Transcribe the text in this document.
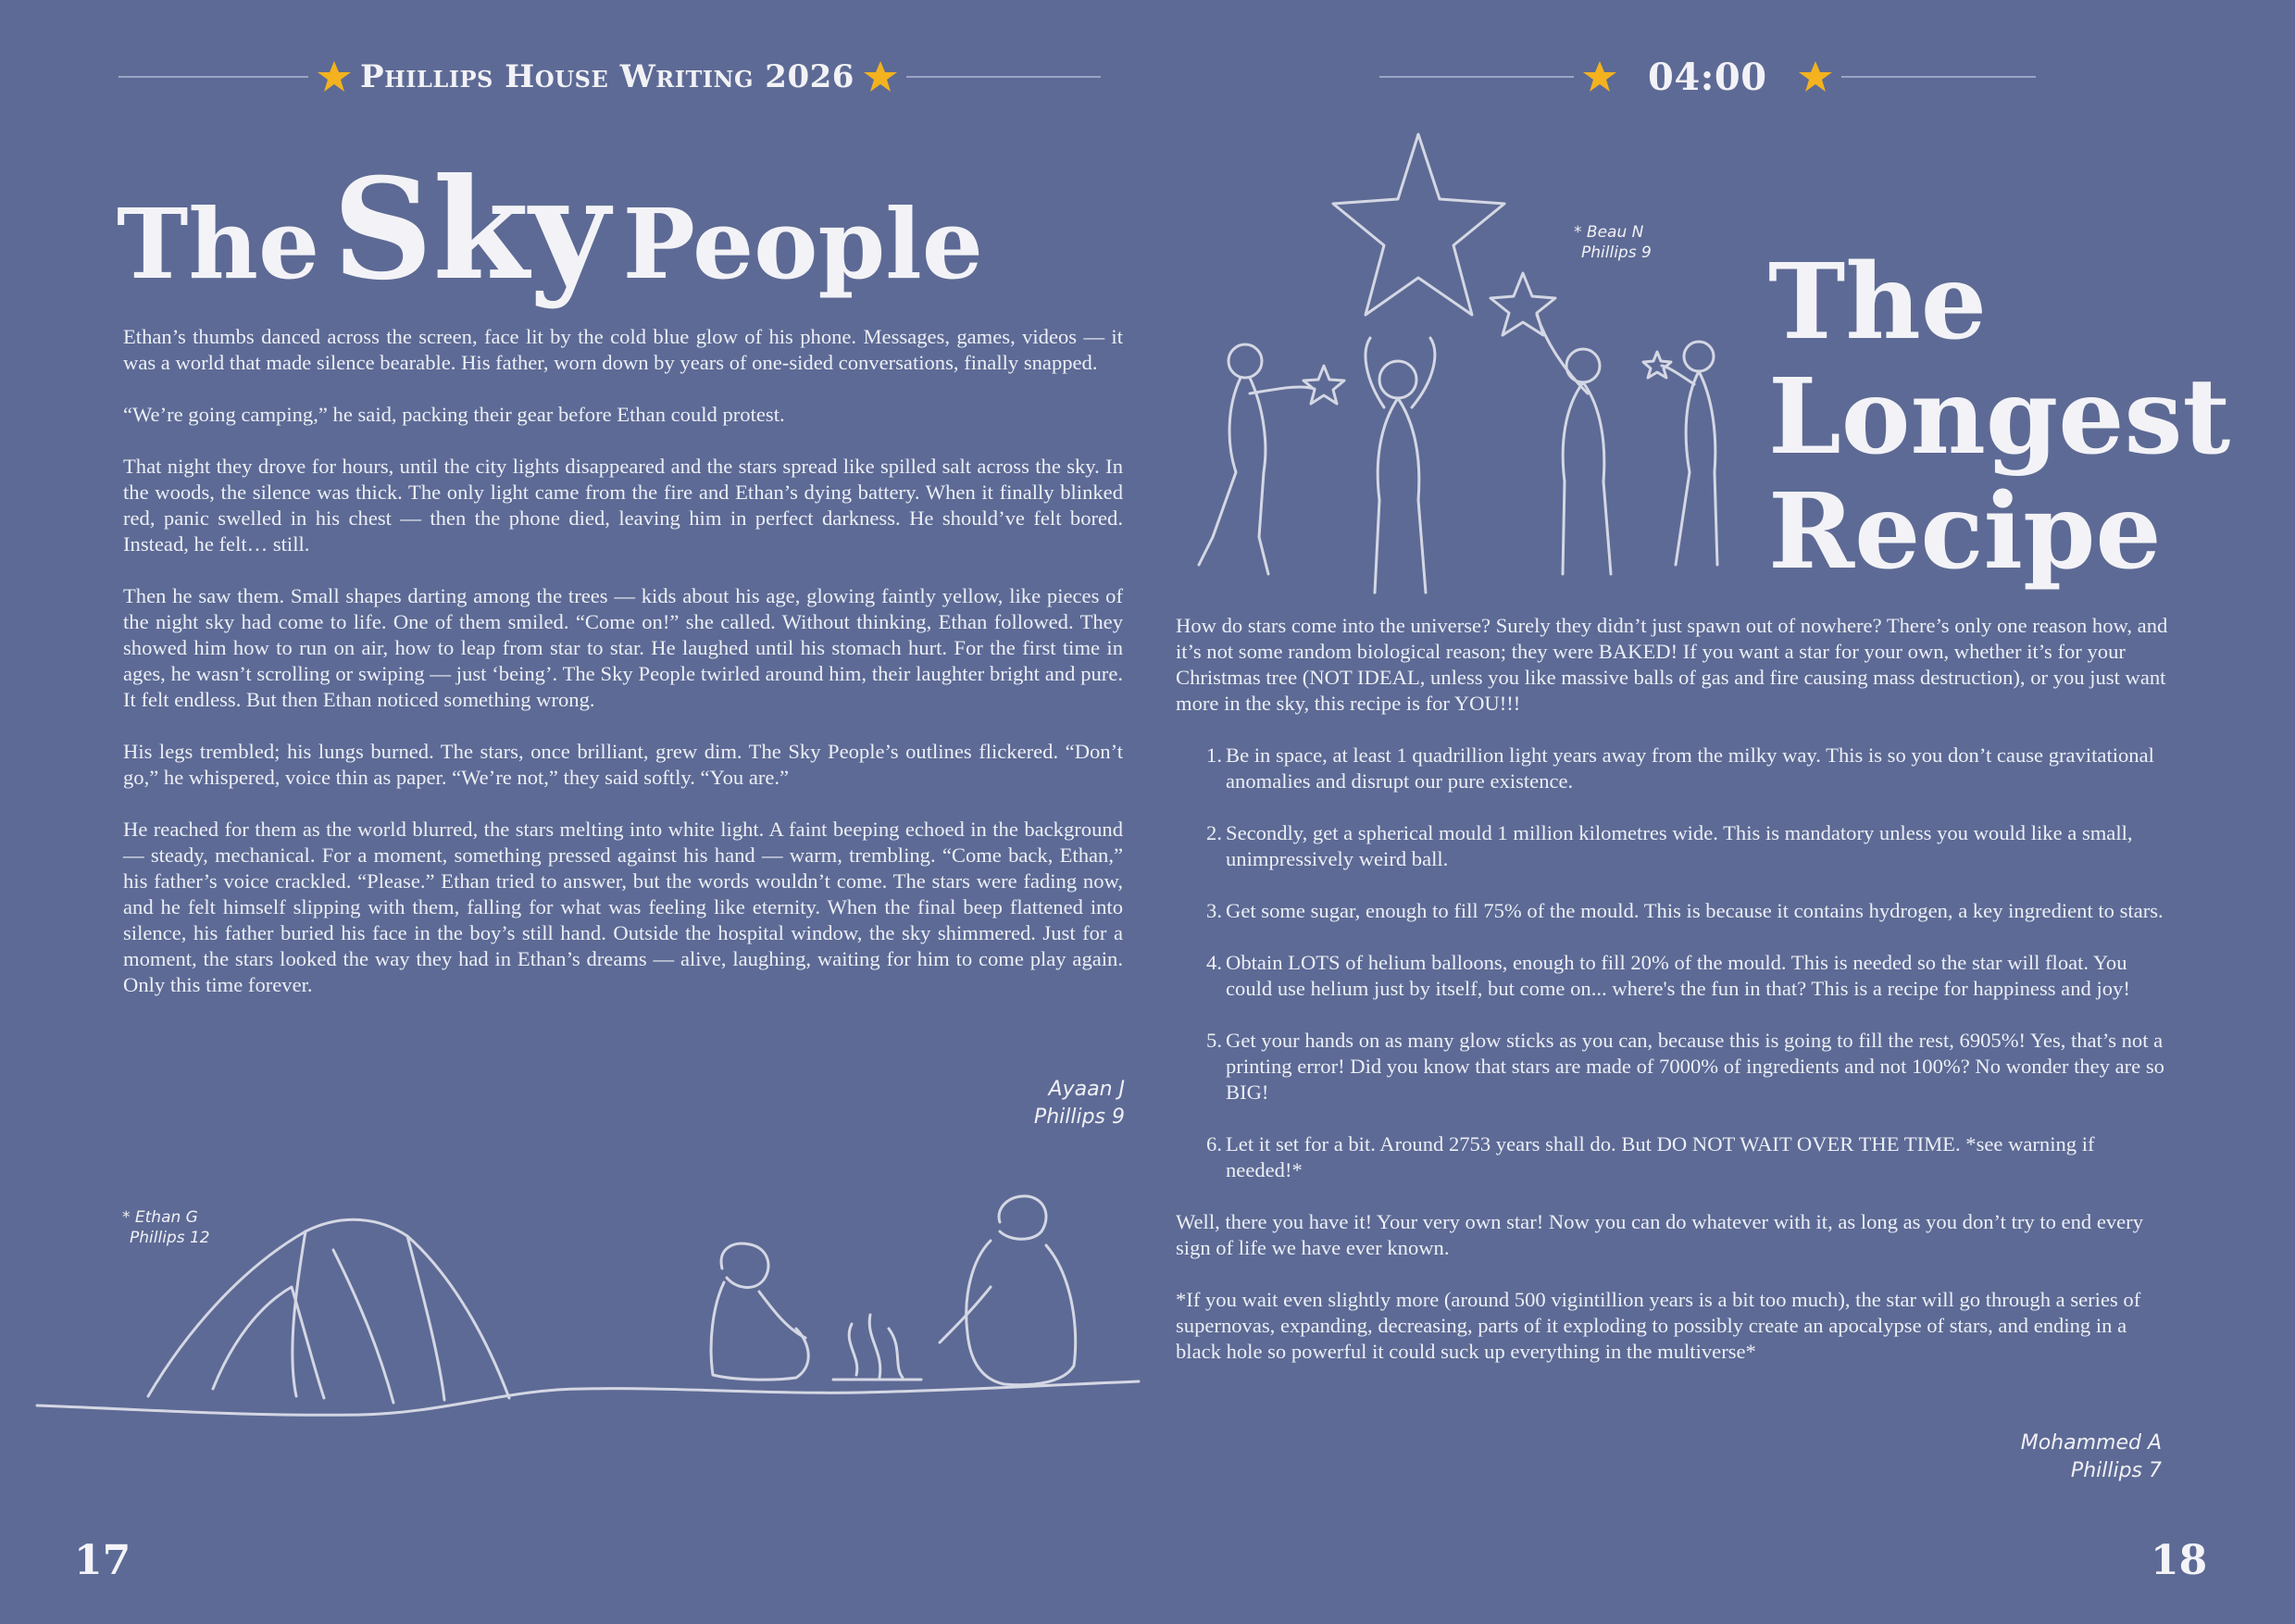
Phillips House Writing 2026	04:00
TheSky People

Ethan’s thumbs danced across the screen, face lit by the cold blue glow of his phone. Messages, games, videos — it was a world that made silence bearable. His father, worn down by years of one-sided conversations, finally snapped.

“We’re going camping,” he said, packing their gear before Ethan could protest.

That night they drove for hours, until the city lights disappeared and the stars spread like spilled salt across the sky. In the woods, the silence was thick. The only light came from the fire and Ethan’s dying battery. When it finally blinked red, panic swelled in his chest — then the phone died, leaving him in perfect darkness. He should’ve felt bored. Instead, he felt… still.

Then he saw them. Small shapes darting among the trees — kids about his age, glowing faintly yellow, like pieces of the night sky had come to life. One of them smiled. “Come on!” she called. Without thinking, Ethan followed. They showed him how to run on air, how to leap from star to star. He laughed until his stomach hurt. For the first time in ages, he wasn’t scrolling or swiping — just ‘being’. The Sky People twirled around him, their laughter bright and pure. It felt endless. But then Ethan noticed something wrong.

His legs trembled; his lungs burned. The stars, once brilliant, grew dim. The Sky People’s outlines flickered. “Don’t go,” he whispered, voice thin as paper. “We’re not,” they said softly. “You are.”

He reached for them as the world blurred, the stars melting into white light. A faint beeping echoed in the background — steady, mechanical. For a moment, something pressed against his hand — warm, trembling. “Come back, Ethan,” his father’s voice crackled. “Please.” Ethan tried to answer, but the words wouldn’t come. The stars were fading now, and he felt himself slipping with them, falling for what was feeling like eternity. When the final beep flattened into silence, his father buried his face in the boy’s still hand. Outside the hospital window, the sky shimmered. Just for a moment, the stars looked the way they had in Ethan’s dreams — alive, laughing, waiting for him to come play again. Only this time forever.

Ayaan J
Phillips 9
* Ethan G
Phillips 12
* Beau N
Phillips 9 The
Longest
Recipe

How do stars come into the universe? Surely they didn’t just spawn out of nowhere? There’s only one reason how, and it’s not some random biological reason; they were BAKED! If you want a star for your own, whether it’s for your Christmas tree (NOT IDEAL, unless you like massive balls of gas and fire causing mass destruction), or you just want more in the sky, this recipe is for YOU!!!

1. Be in space, at least 1 quadrillion light years away from the milky way. This is so you don’t cause gravitational anomalies and disrupt our pure existence.
2. Secondly, get a spherical mould 1 million kilometres wide. This is mandatory unless you would like a small, unimpressively weird ball.
3. Get some sugar, enough to fill 75% of the mould. This is because it contains hydrogen, a key ingredient to stars.
4. Obtain LOTS of helium balloons, enough to fill 20% of the mould. This is needed so the star will float. You could use helium just by itself, but come on... where's the fun in that? This is a recipe for happiness and joy!
5. Get your hands on as many glow sticks as you can, because this is going to fill the rest, 6905%! Yes, that’s not a printing error! Did you know that stars are made of 7000% of ingredients and not 100%? No wonder they are so BIG!
6. Let it set for a bit. Around 2753 years shall do. But DO NOT WAIT OVER THE TIME. *see warning if needed!*

Well, there you have it! Your very own star! Now you can do whatever with it, as long as you don’t try to end every sign of life we have ever known.

*If you wait even slightly more (around 500 vigintillion years is a bit too much), the star will go through a series of supernovas, expanding, decreasing, parts of it exploding to possibly create an apocalypse of stars, and ending in a black hole so powerful it could suck up everything in the multiverse*

Mohammed A
Phillips 7
17	18
